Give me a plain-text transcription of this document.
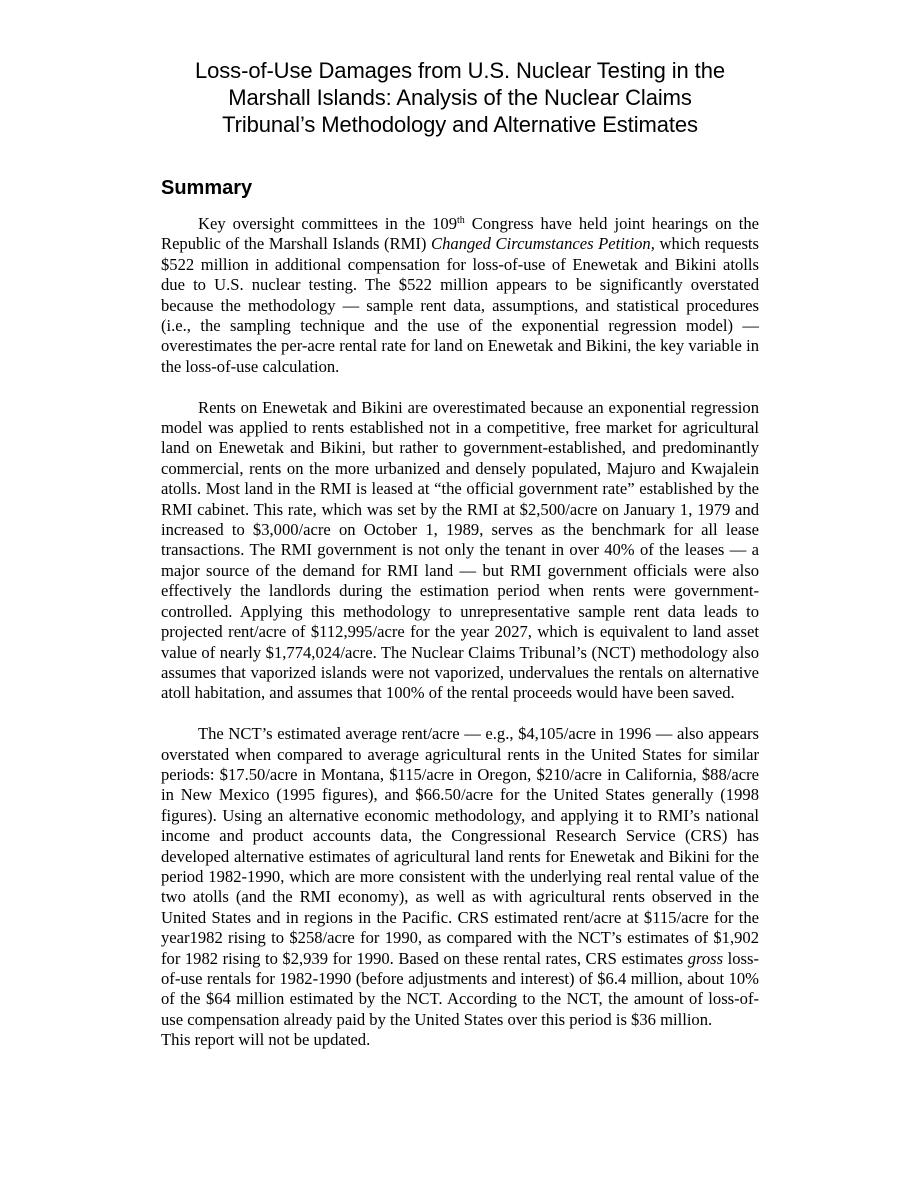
Loss-of-Use Damages from U.S. Nuclear Testing in the
Marshall Islands: Analysis of the Nuclear Claims
Tribunal’s Methodology and Alternative Estimates
Summary

Key oversight committees in the 109th Congress have held joint hearings on the Republic of the Marshall Islands (RMI) Changed Circumstances Petition, which requests $522 million in additional compensation for loss-of-use of Enewetak and Bikini atolls due to U.S. nuclear testing. The $522 million appears to be significantly overstated because the methodology — sample rent data, assumptions, and statistical procedures (i.e., the sampling technique and the use of the exponential regression model) — overestimates the per-acre rental rate for land on Enewetak and Bikini, the key variable in the loss-of-use calculation.

Rents on Enewetak and Bikini are overestimated because an exponential regression model was applied to rents established not in a competitive, free market for agricultural land on Enewetak and Bikini, but rather to government-established, and predominantly commercial, rents on the more urbanized and densely populated, Majuro and Kwajalein atolls. Most land in the RMI is leased at “the official government rate” established by the RMI cabinet. This rate, which was set by the RMI at $2,500/acre on January 1, 1979 and increased to $3,000/acre on October 1, 1989, serves as the benchmark for all lease transactions. The RMI government is not only the tenant in over 40% of the leases — a major source of the demand for RMI land — but RMI government officials were also effectively the landlords during the estimation period when rents were government-controlled. Applying this methodology to unrepresentative sample rent data leads to projected rent/acre of $112,995/acre for the year 2027, which is equivalent to land asset value of nearly $1,774,024/acre. The Nuclear Claims Tribunal’s (NCT) methodology also assumes that vaporized islands were not vaporized, undervalues the rentals on alternative atoll habitation, and assumes that 100% of the rental proceeds would have been saved.

The NCT’s estimated average rent/acre — e.g., $4,105/acre in 1996 — also appears overstated when compared to average agricultural rents in the United States for similar periods: $17.50/acre in Montana, $115/acre in Oregon, $210/acre in California, $88/acre in New Mexico (1995 figures), and $66.50/acre for the United States generally (1998 figures). Using an alternative economic methodology, and applying it to RMI’s national income and product accounts data, the Congressional Research Service (CRS) has developed alternative estimates of agricultural land rents for Enewetak and Bikini for the period 1982-1990, which are more consistent with the underlying real rental value of the two atolls (and the RMI economy), as well as with agricultural rents observed in the United States and in regions in the Pacific. CRS estimated rent/acre at $115/acre for the year1982 rising to $258/acre for 1990, as compared with the NCT’s estimates of $1,902 for 1982 rising to $2,939 for 1990. Based on these rental rates, CRS estimates gross loss-of-use rentals for 1982-1990 (before adjustments and interest) of $6.4 million, about 10% of the $64 million estimated by the NCT. According to the NCT, the amount of loss-of-use compensation already paid by the United States over this period is $36 million.
This report will not be updated.
